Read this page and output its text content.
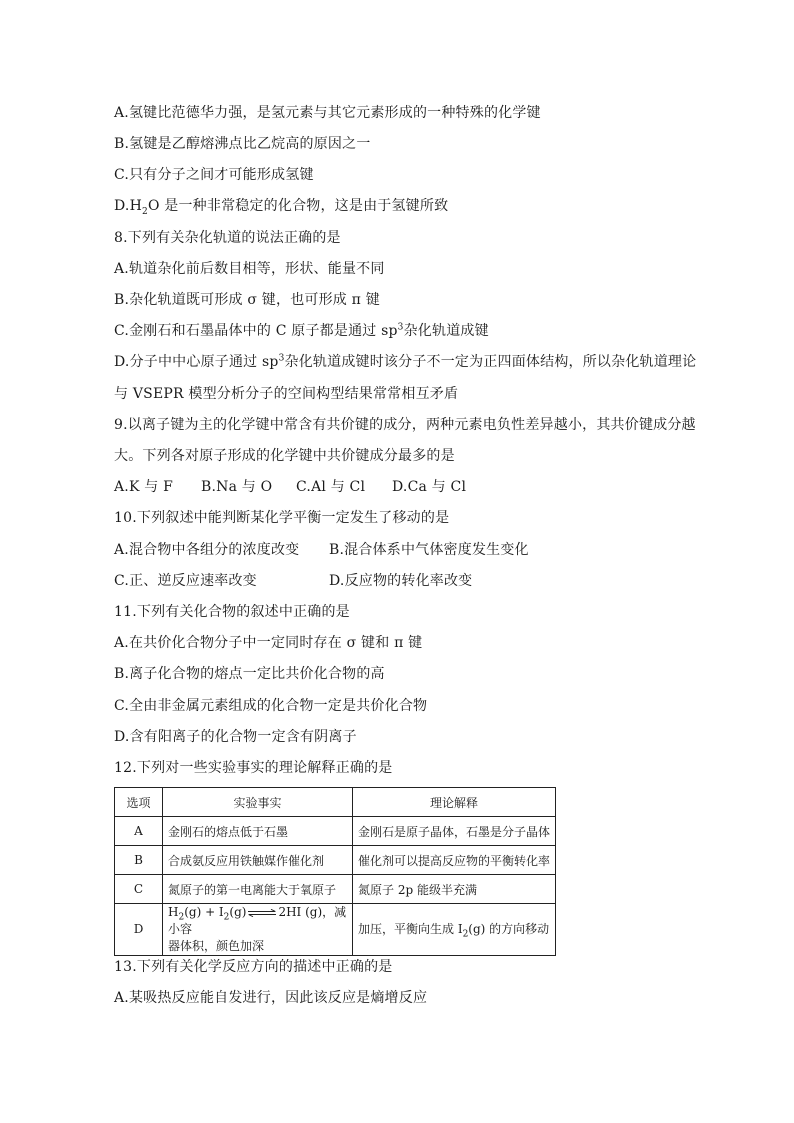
A.氢键比范德华力强，是氢元素与其它元素形成的一种特殊的化学键
B.氢键是乙醇熔沸点比乙烷高的原因之一
C.只有分子之间才可能形成氢键
$D.H_2O$ 是一种非常稳定的化合物，这是由于氢键所致
8.下列有关杂化轨道的说法正确的是
A.轨道杂化前后数目相等，形状、能量不同
B.杂化轨道既可形成 σ 键，也可形成 π 键
C.金刚石和石墨晶体中的 C 原子都是通过 $sp^3$杂化轨道成键
D.分子中中心原子通过 $sp^3$杂化轨道成键时该分子不一定为正四面体结构，所以杂化轨道理论
与 VSEPR 模型分析分子的空间构型结果常常相互矛盾
9.以离子键为主的化学键中常含有共价键的成分，两种元素电负性差异越小，其共价键成分越
大。下列各对原子形成的化学键中共价键成分最多的是
A.K 与 F B.Na 与 O C.Al 与 Cl D.Ca 与 Cl
10.下列叙述中能判断某化学平衡一定发生了移动的是
A.混合物中各组分的浓度改变 B.混合体系中气体密度发生变化
C.正、逆反应速率改变	D.反应物的转化率改变
11.下列有关化合物的叙述中正确的是
A.在共价化合物分子中一定同时存在 σ 键和 π 键
B.离子化合物的熔点一定比共价化合物的高
C.全由非金属元素组成的化合物一定是共价化合物
D.含有阳离子的化合物一定含有阴离子
12.下列对一些实验事实的理论解释正确的是
选项	实验事实	理论解释
A	金刚石的熔点低于石墨	金刚石是原子晶体，石墨是分子晶体
B	合成氨反应用铁触媒作催化剂	催化剂可以提高反应物的平衡转化率
C	氮原子的第一电离能大于氧原子	氮原子 2p 能级半充满
D	$H_2(g)$ + $I_2(g)\rightleftharpoons 2HI$ (g)，减小容
器体积，颜色加深	加压，平衡向生成 $I_2(g)$ 的方向移动
13.下列有关化学反应方向的描述中正确的是
A.某吸热反应能自发进行，因此该反应是熵增反应
